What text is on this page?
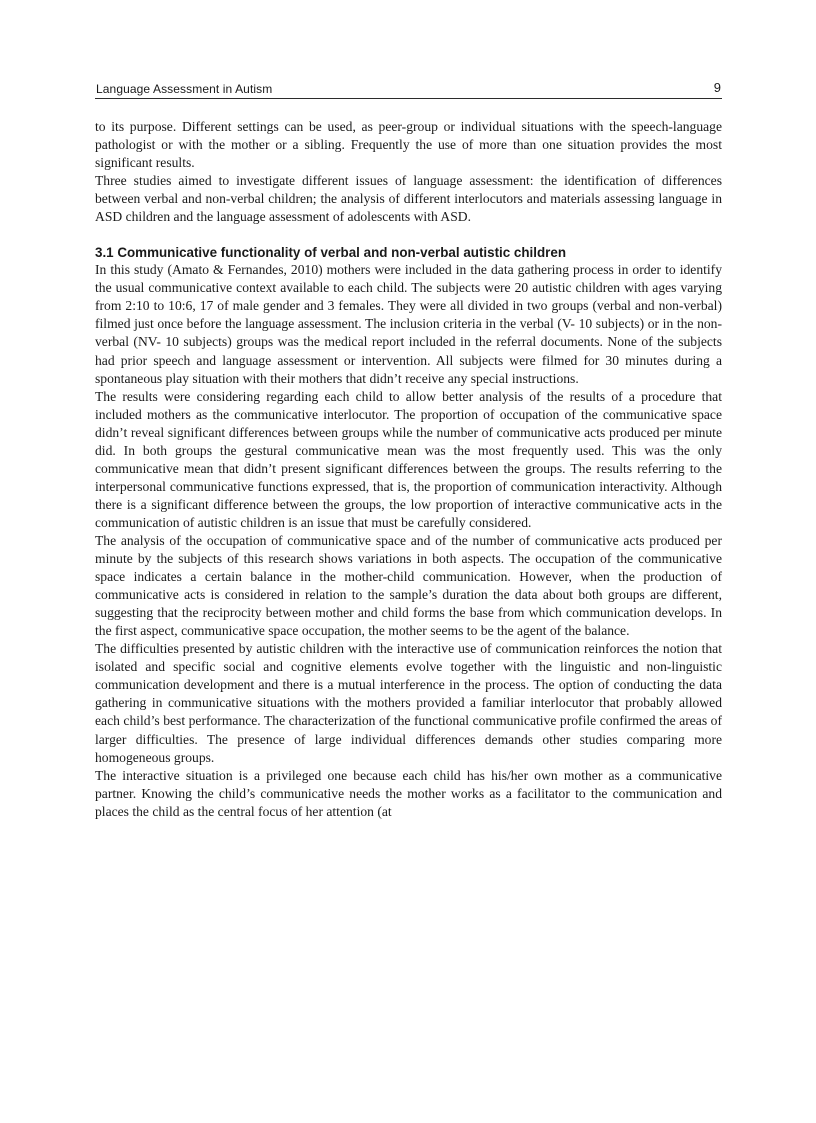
Language Assessment in Autism	9

to its purpose. Different settings can be used, as peer-group or individual situations with the speech-language pathologist or with the mother or a sibling. Frequently the use of more than one situation provides the most significant results.

Three studies aimed to investigate different issues of language assessment: the identification of differences between verbal and non-verbal children; the analysis of different interlocutors and materials assessing language in ASD children and the language assessment of adolescents with ASD.

3.1 Communicative functionality of verbal and non-verbal autistic children

In this study (Amato & Fernandes, 2010) mothers were included in the data gathering process in order to identify the usual communicative context available to each child. The subjects were 20 autistic children with ages varying from 2:10 to 10:6, 17 of male gender and 3 females. They were all divided in two groups (verbal and non-verbal) filmed just once before the language assessment. The inclusion criteria in the verbal (V- 10 subjects) or in the non-verbal (NV- 10 subjects) groups was the medical report included in the referral documents. None of the subjects had prior speech and language assessment or intervention. All subjects were filmed for 30 minutes during a spontaneous play situation with their mothers that didn’t receive any special instructions.

The results were considering regarding each child to allow better analysis of the results of a procedure that included mothers as the communicative interlocutor. The proportion of occupation of the communicative space didn’t reveal significant differences between groups while the number of communicative acts produced per minute did. In both groups the gestural communicative mean was the most frequently used. This was the only communicative mean that didn’t present significant differences between the groups. The results referring to the interpersonal communicative functions expressed, that is, the proportion of communication interactivity. Although there is a significant difference between the groups, the low proportion of interactive communicative acts in the communication of autistic children is an issue that must be carefully considered.

The analysis of the occupation of communicative space and of the number of communicative acts produced per minute by the subjects of this research shows variations in both aspects. The occupation of the communicative space indicates a certain balance in the mother-child communication. However, when the production of communicative acts is considered in relation to the sample’s duration the data about both groups are different, suggesting that the reciprocity between mother and child forms the base from which communication develops. In the first aspect, communicative space occupation, the mother seems to be the agent of the balance.

The difficulties presented by autistic children with the interactive use of communication reinforces the notion that isolated and specific social and cognitive elements evolve together with the linguistic and non-linguistic communication development and there is a mutual interference in the process. The option of conducting the data gathering in communicative situations with the mothers provided a familiar interlocutor that probably allowed each child’s best performance. The characterization of the functional communicative profile confirmed the areas of larger difficulties. The presence of large individual differences demands other studies comparing more homogeneous groups.

The interactive situation is a privileged one because each child has his/her own mother as a communicative partner. Knowing the child’s communicative needs the mother works as a facilitator to the communication and places the child as the central focus of her attention (at
